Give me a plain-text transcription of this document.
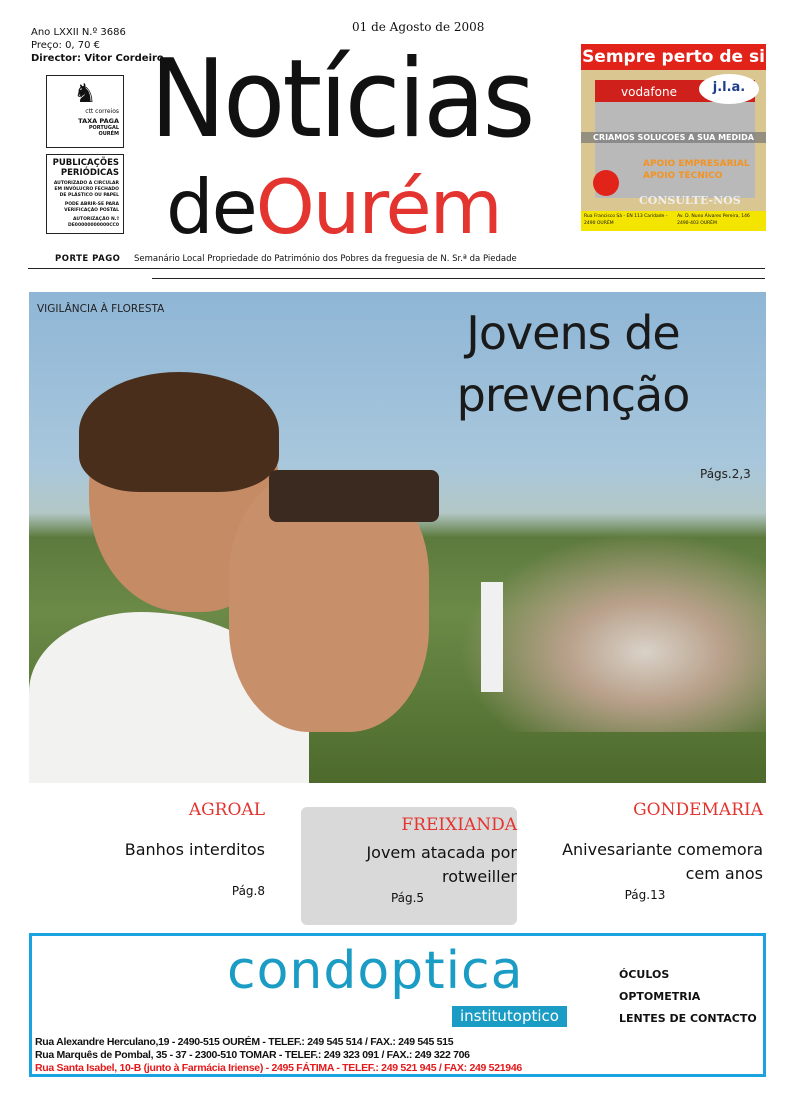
Ano LXXII N.º 3686
Preço: 0, 70 €
Director: Vitor Cordeiro
♞
ctt correios
TAXA PAGA
PORTUGAL
OURÉM
PUBLICAÇÕES PERIÓDICAS
AUTORIZADO A CIRCULAR EM INVÓLUCRO FECHADO DE PLÁSTICO OU PAPEL
PODE ABRIR-SE PARA VERIFICAÇÃO POSTAL
AUTORIZAÇÃO N.º DE00000000000CC0
PORTE PAGO Semanário Local Propriedade do Património dos Pobres da freguesia de N. Sr.ª da Piedade
01 de Agosto de 2008
Notícias
deOurém
Sempre perto de si
vodafone	j.l.a.
CRIAMOS SOLUCOES A SUA MEDIDA
APOIO EMPRESARIAL
APOIO TÉCNICO
CONSULTE-NOS
Rua Francisco Sá - EN 113 Caridade - 2490 OURÉM
Av. D. Nuno Álvares Pereira, 146 2490-403 OURÉM
VIGILÂNCIA À FLORESTA	Jovens de prevenção
Págs.2,3
AGROAL
Banhos interditos
Pág.8
FREIXIANDA
Jovem atacada por rotweiller
Pág.5
GONDEMARIA
Anivesariante comemora cem anos
Pág.13
condoptica
institutoptico
ÓCULOS
OPTOMETRIA
LENTES DE CONTACTO
Rua Alexandre Herculano,19 - 2490-515 OURÉM - TELEF.: 249 545 514 / FAX.: 249 545 515
Rua Marquês de Pombal, 35 - 37 - 2300-510 TOMAR - TELEF.: 249 323 091 / FAX.: 249 322 706
Rua Santa Isabel, 10-B (junto à Farmácia Iriense) - 2495 FÁTIMA - TELEF.: 249 521 945 / FAX: 249 521946
